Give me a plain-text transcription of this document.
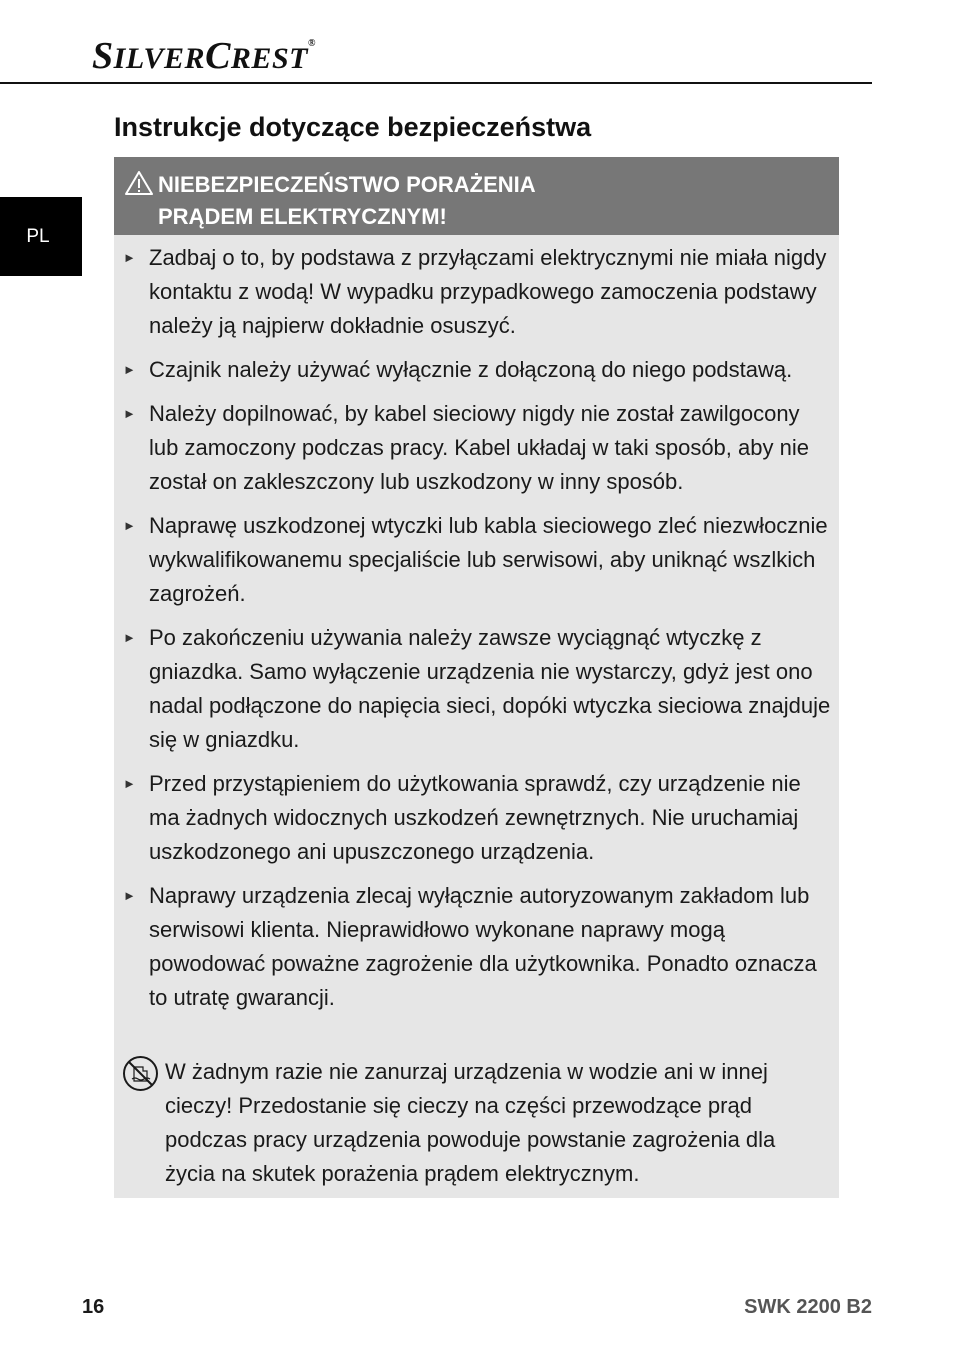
SILVERCREST®
PL
Instrukcje dotyczące bezpieczeństwa
NIEBEZPIECZEŃSTWO PORAŻENIA
PRĄDEM ELEKTRYCZNYM!
► Zadbaj o to, by podstawa z przyłączami elektrycznymi nie miała nigdy kontaktu z wodą! W wypadku przypadkowego zamoczenia podstawy należy ją najpierw dokładnie osuszyć.
► Czajnik należy używać wyłącznie z dołączoną do niego podstawą.
► Należy dopilnować, by kabel sieciowy nigdy nie został zawilgocony lub zamoczony podczas pracy. Kabel układaj w taki sposób, aby nie został on zakleszczony lub uszkodzony w inny sposób.
► Naprawę uszkodzonej wtyczki lub kabla sieciowego zleć niezwłocznie wykwalifikowanemu specjaliście lub serwisowi, aby uniknąć wszlkich zagrożeń.
► Po zakończeniu używania należy zawsze wyciągnąć wtyczkę z gniazdka. Samo wyłączenie urządzenia nie wystarczy, gdyż jest ono nadal podłączone do napięcia sieci, dopóki wtyczka sieciowa znajduje się w gniazdku.
► Przed przystąpieniem do użytkowania sprawdź, czy urządzenie nie ma żadnych widocznych uszkodzeń zewnętrznych. Nie uruchamiaj uszkodzonego ani upuszczonego urządzenia.
► Naprawy urządzenia zlecaj wyłącznie autoryzowanym zakładom lub serwisowi klienta. Nieprawidłowo wykonane naprawy mogą powodować poważne zagrożenie dla użytkownika. Ponadto oznacza to utratę gwarancji.
W żadnym razie nie zanurzaj urządzenia w wodzie ani w innej cieczy! Przedostanie się cieczy na części przewodzące prąd podczas pracy urządzenia powoduje powstanie zagrożenia dla życia na skutek porażenia prądem elektrycznym.
16	SWK 2200 B2
